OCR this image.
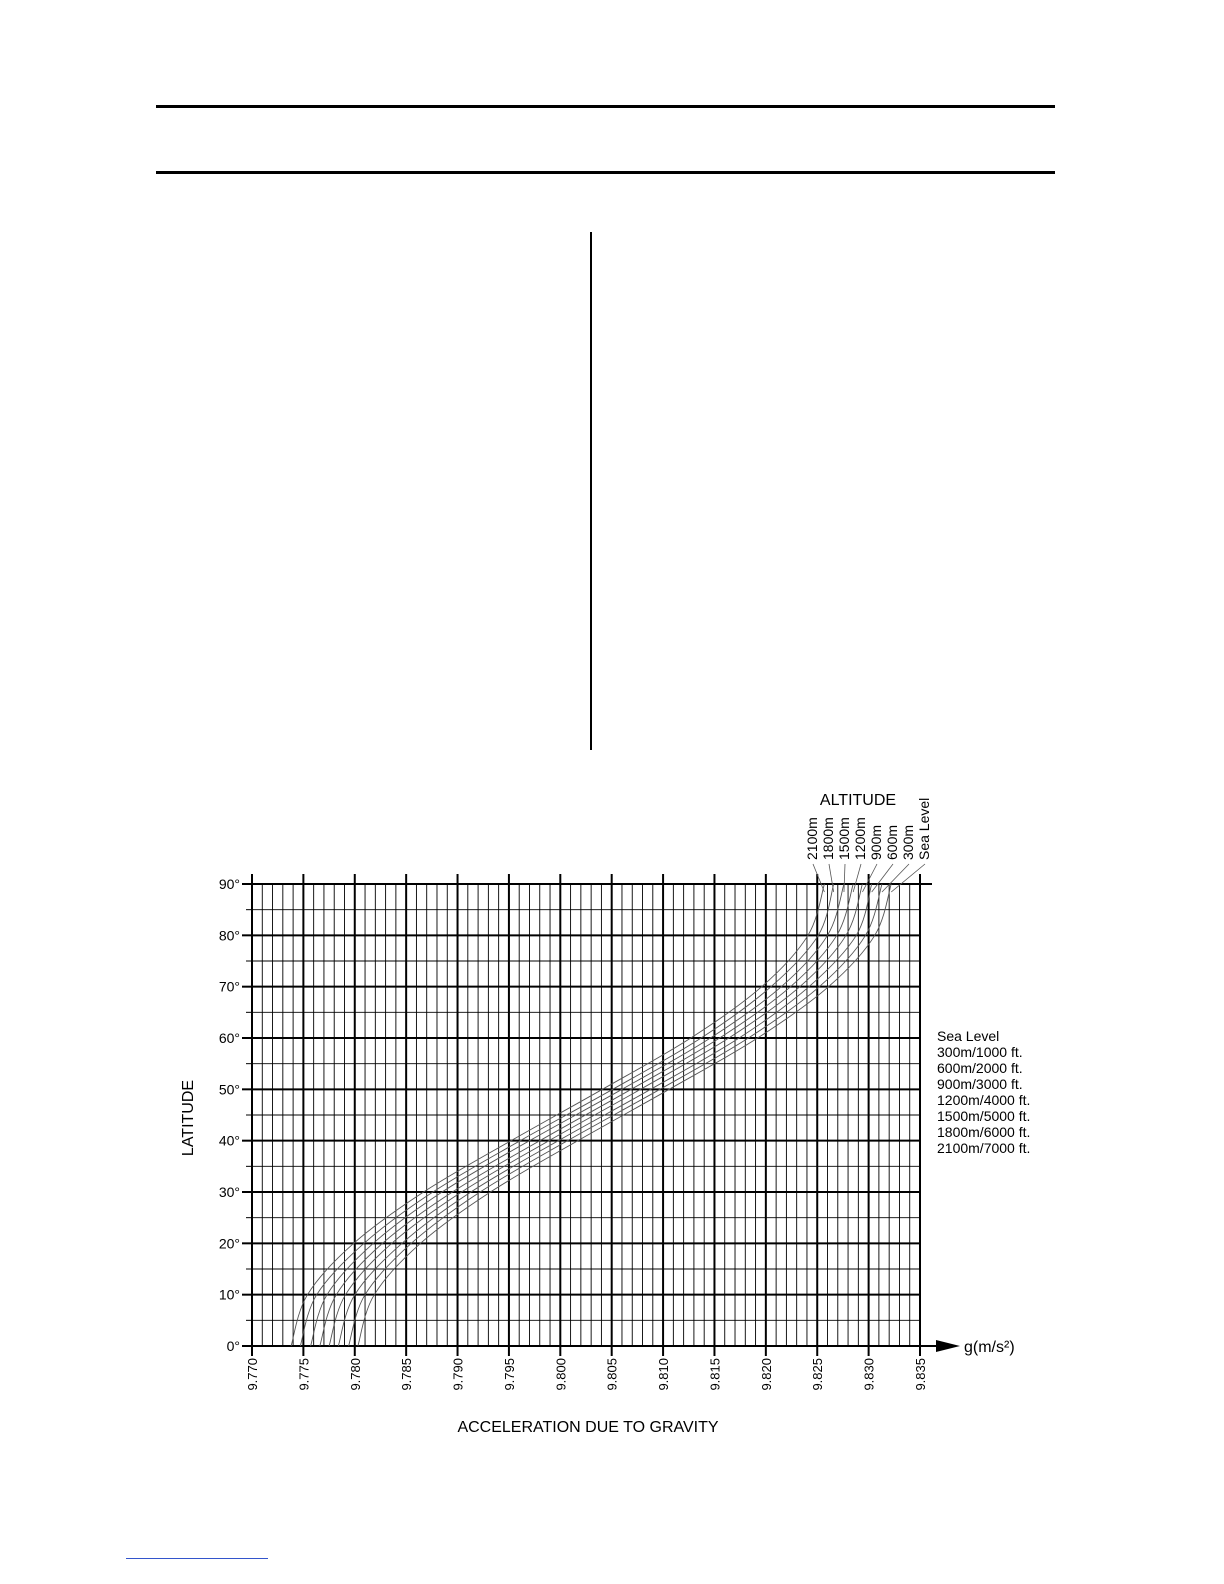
LATITUDE
ACCELERATION DUE TO GRAVITY
ALTITUDE
g(m/s²)
9.770	9.775	9.780	9.785	9.790	9.795	9.800	9.805	9.810	9.815	9.820	9.825	9.830	9.835
0°
10°
20°
30°
40°
50°
60°
70°
80°
90°
2100m 1800m 1500m 1200m 900m 600m 300m Sea Level
Sea Level
300m/1000 ft.
600m/2000 ft.
900m/3000 ft.
1200m/4000 ft.
1500m/5000 ft.
1800m/6000 ft.
2100m/7000 ft.
